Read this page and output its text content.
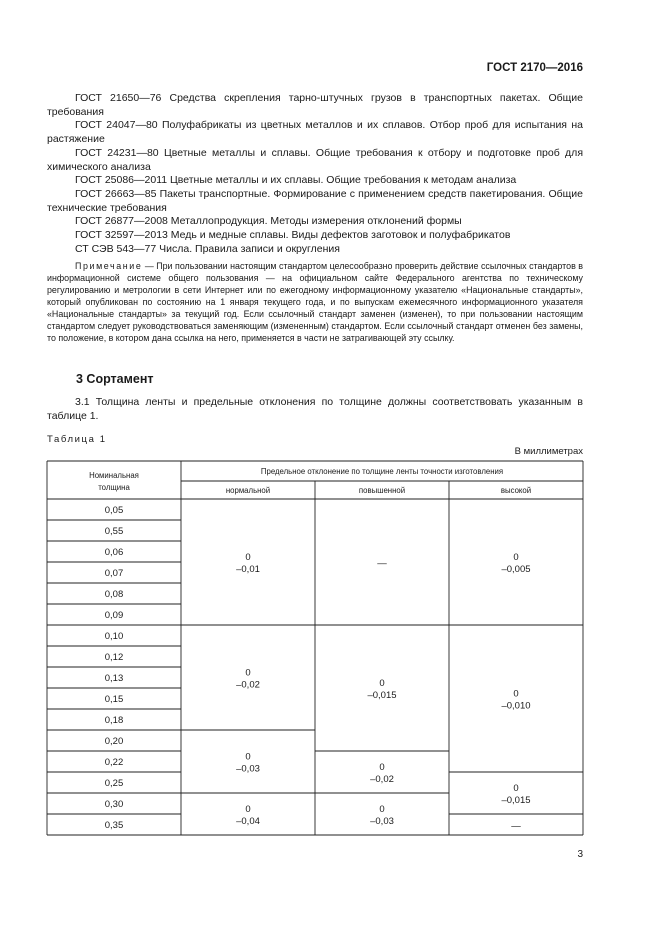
ГОСТ 2170—2016
ГОСТ 21650—76 Средства скрепления тарно-штучных грузов в транспортных пакетах. Общие требования
ГОСТ 24047—80 Полуфабрикаты из цветных металлов и их сплавов. Отбор проб для испытания на растяжение
ГОСТ 24231—80 Цветные металлы и сплавы. Общие требования к отбору и подготовке проб для химического анализа
ГОСТ 25086—2011 Цветные металлы и их сплавы. Общие требования к методам анализа
ГОСТ 26663—85 Пакеты транспортные. Формирование с применением средств пакетирования. Общие технические требования
ГОСТ 26877—2008 Металлопродукция. Методы измерения отклонений формы
ГОСТ 32597—2013 Медь и медные сплавы. Виды дефектов заготовок и полуфабрикатов
СТ СЭВ 543—77 Числа. Правила записи и округления
Примечание — При пользовании настоящим стандартом целесообразно проверить действие ссылочных стандартов в информационной системе общего пользования — на официальном сайте Федерального агентства по техническому регулированию и метрологии в сети Интернет или по ежегодному информационному указателю «Национальные стандарты», который опубликован по состоянию на 1 января текущего года, и по выпускам ежемесячного информационного указателя «Национальные стандарты» за текущий год. Если ссылочный стандарт заменен (изменен), то при пользовании настоящим стандартом следует руководствоваться заменяющим (измененным) стандартом. Если ссылочный стандарт отменен без замены, то положение, в котором дана ссылка на него, применяется в части не затрагивающей эту ссылку.
3 Сортамент
3.1 Толщина ленты и предельные отклонения по толщине должны соответствовать указанным в таблице 1.
Таблица 1
В миллиметрах
Номинальная
толщина
Предельное отклонение по толщине ленты точности изготовления
нормальной	повышенной	высокой
0,05
0,55
0,06
0,07
0,08
0,09
0,10
0,12
0,13
0,15
0,18
0,20
0,22
0,25
0,30
0,35
0
–0,01
0
–0,02
0
–0,03
0
–0,04
—
0
–0,015
0
–0,02
0
–0,03
0
–0,005
0
–0,010
0
–0,015
—
3
